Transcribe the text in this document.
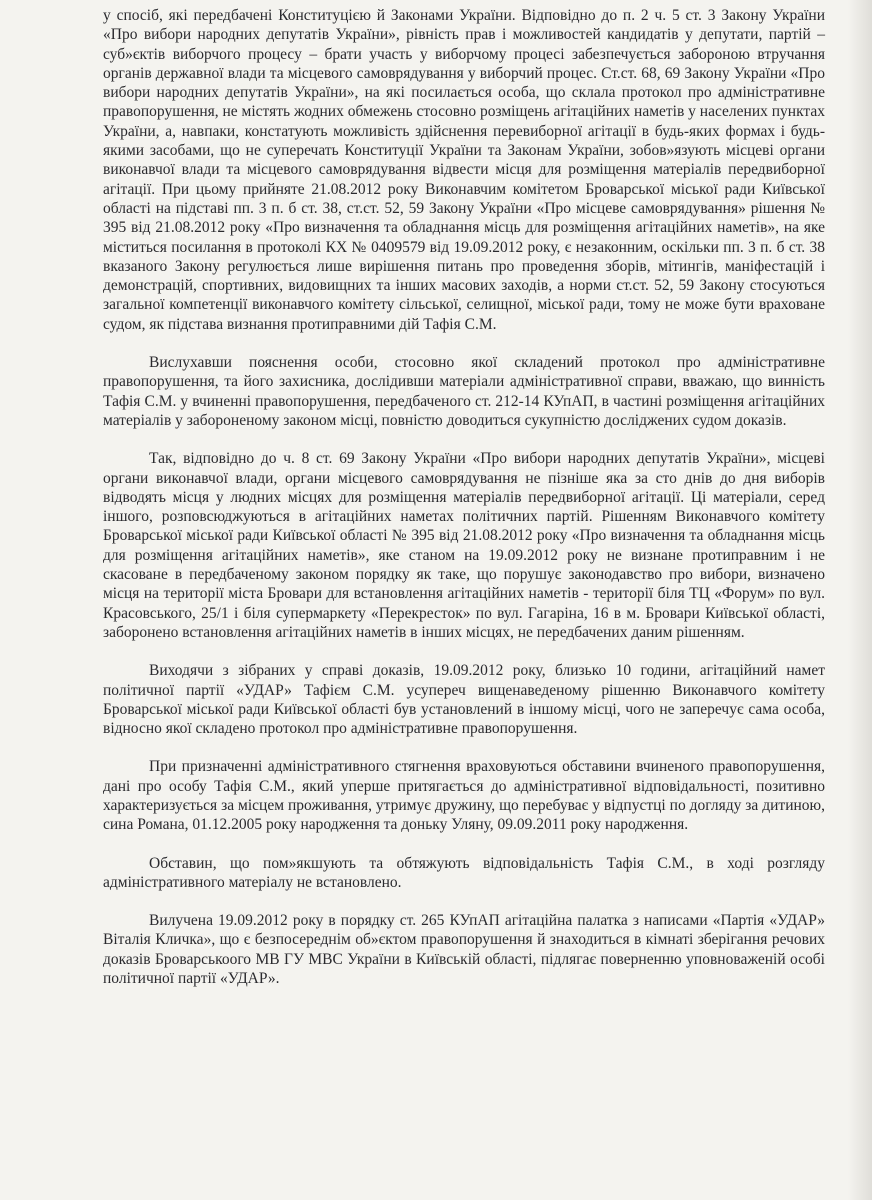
у спосіб, які передбачені Конституцією й Законами України. Відповідно до п. 2 ч. 5 ст. 3 Закону України «Про вибори народних депутатів України», рівність прав і можливостей кандидатів у депутати, партій – суб»єктів виборчого процесу – брати участь у виборчому процесі забезпечується забороною втручання органів державної влади та місцевого самоврядування у виборчий процес. Ст.ст. 68, 69 Закону України «Про вибори народних депутатів України», на які посилається особа, що склала протокол про адміністративне правопорушення, не містять жодних обмежень стосовно розміщень агітаційних наметів у населених пунктах України, а, навпаки, констатують можливість здійснення перевиборної агітації в будь-яких формах і будь-якими засобами, що не суперечать Конституції України та Законам України, зобов»язують місцеві органи виконавчої влади та місцевого самоврядування відвести місця для розміщення матеріалів передвиборної агітації. При цьому прийняте 21.08.2012 року Виконавчим комітетом Броварської міської ради Київської області на підставі пп. 3 п. б ст. 38, ст.ст. 52, 59 Закону України «Про місцеве самоврядування» рішення № 395 від 21.08.2012 року «Про визначення та обладнання місць для розміщення агітаційних наметів», на яке міститься посилання в протоколі КХ № 0409579 від 19.09.2012 року, є незаконним, оскільки пп. 3 п. б ст. 38 вказаного Закону регулюється лише вирішення питань про проведення зборів, мітингів, маніфестацій і демонстрацій, спортивних, видовищних та інших масових заходів, а норми ст.ст. 52, 59 Закону стосуються загальної компетенції виконавчого комітету сільської, селищної, міської ради, тому не може бути враховане судом, як підстава визнання протиправними дій Тафія С.М.

Вислухавши пояснення особи, стосовно якої складений протокол про адміністративне правопорушення, та його захисника, дослідивши матеріали адміністративної справи, вважаю, що винність Тафія С.М. у вчиненні правопорушення, передбаченого ст. 212-14 КУпАП, в частині розміщення агітаційних матеріалів у забороненому законом місці, повністю доводиться сукупністю досліджених судом доказів.

Так, відповідно до ч. 8 ст. 69 Закону України «Про вибори народних депутатів України», місцеві органи виконавчої влади, органи місцевого самоврядування не пізніше яка за сто днів до дня виборів відводять місця у людних місцях для розміщення матеріалів передвиборної агітації. Ці матеріали, серед іншого, розповсюджуються в агітаційних наметах політичних партій. Рішенням Виконавчого комітету Броварської міської ради Київської області № 395 від 21.08.2012 року «Про визначення та обладнання місць для розміщення агітаційних наметів», яке станом на 19.09.2012 року не визнане протиправним і не скасоване в передбаченому законом порядку як таке, що порушує законодавство про вибори, визначено місця на території міста Бровари для встановлення агітаційних наметів - території біля ТЦ «Форум» по вул. Красовського, 25/1 і біля супермаркету «Перекресток» по вул. Гагаріна, 16 в м. Бровари Київської області, заборонено встановлення агітаційних наметів в інших місцях, не передбачених даним рішенням.

Виходячи з зібраних у справі доказів, 19.09.2012 року, близько 10 години, агітаційний намет політичної партії «УДАР» Тафієм С.М. усупереч вищенаведеному рішенню Виконавчого комітету Броварської міської ради Київської області був установлений в іншому місці, чого не заперечує сама особа, відносно якої складено протокол про адміністративне правопорушення.

При призначенні адміністративного стягнення враховуються обставини вчиненого правопорушення, дані про особу Тафія С.М., який уперше притягається до адміністративної відповідальності, позитивно характеризується за місцем проживання, утримує дружину, що перебуває у відпустці по догляду за дитиною, сина Романа, 01.12.2005 року народження та доньку Уляну, 09.09.2011 року народження.

Обставин, що пом»якшують та обтяжують відповідальність Тафія С.М., в ході розгляду адміністративного матеріалу не встановлено.

Вилучена 19.09.2012 року в порядку ст. 265 КУпАП агітаційна палатка з написами «Партія «УДАР» Віталія Кличка», що є безпосереднім об»єктом правопорушення й знаходиться в кімнаті зберігання речових доказів Броварськоого МВ ГУ МВС України в Київській області, підлягає поверненню уповноваженій особі політичної партії «УДАР».
